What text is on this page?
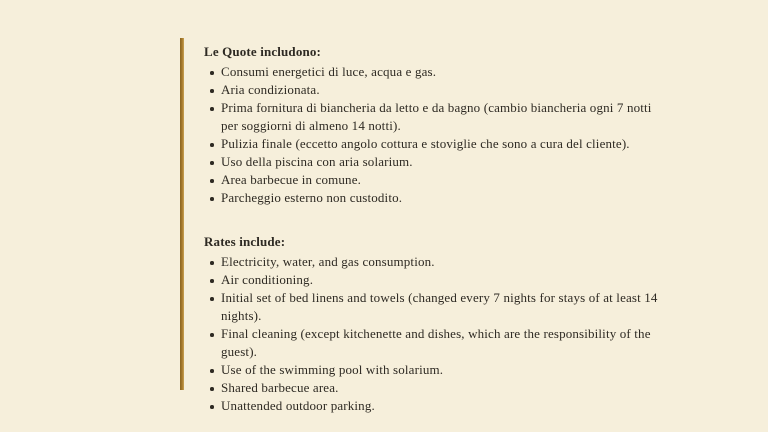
Le Quote includono:
Consumi energetici di luce, acqua e gas.
Aria condizionata.
Prima fornitura di biancheria da letto e da bagno (cambio biancheria ogni 7 notti per soggiorni di almeno 14 notti).
Pulizia finale (eccetto angolo cottura e stoviglie che sono a cura del cliente).
Uso della piscina con aria solarium.
Area barbecue in comune.
Parcheggio esterno non custodito.
Rates include:
Electricity, water, and gas consumption.
Air conditioning.
Initial set of bed linens and towels (changed every 7 nights for stays of at least 14 nights).
Final cleaning (except kitchenette and dishes, which are the responsibility of the guest).
Use of the swimming pool with solarium.
Shared barbecue area.
Unattended outdoor parking.
